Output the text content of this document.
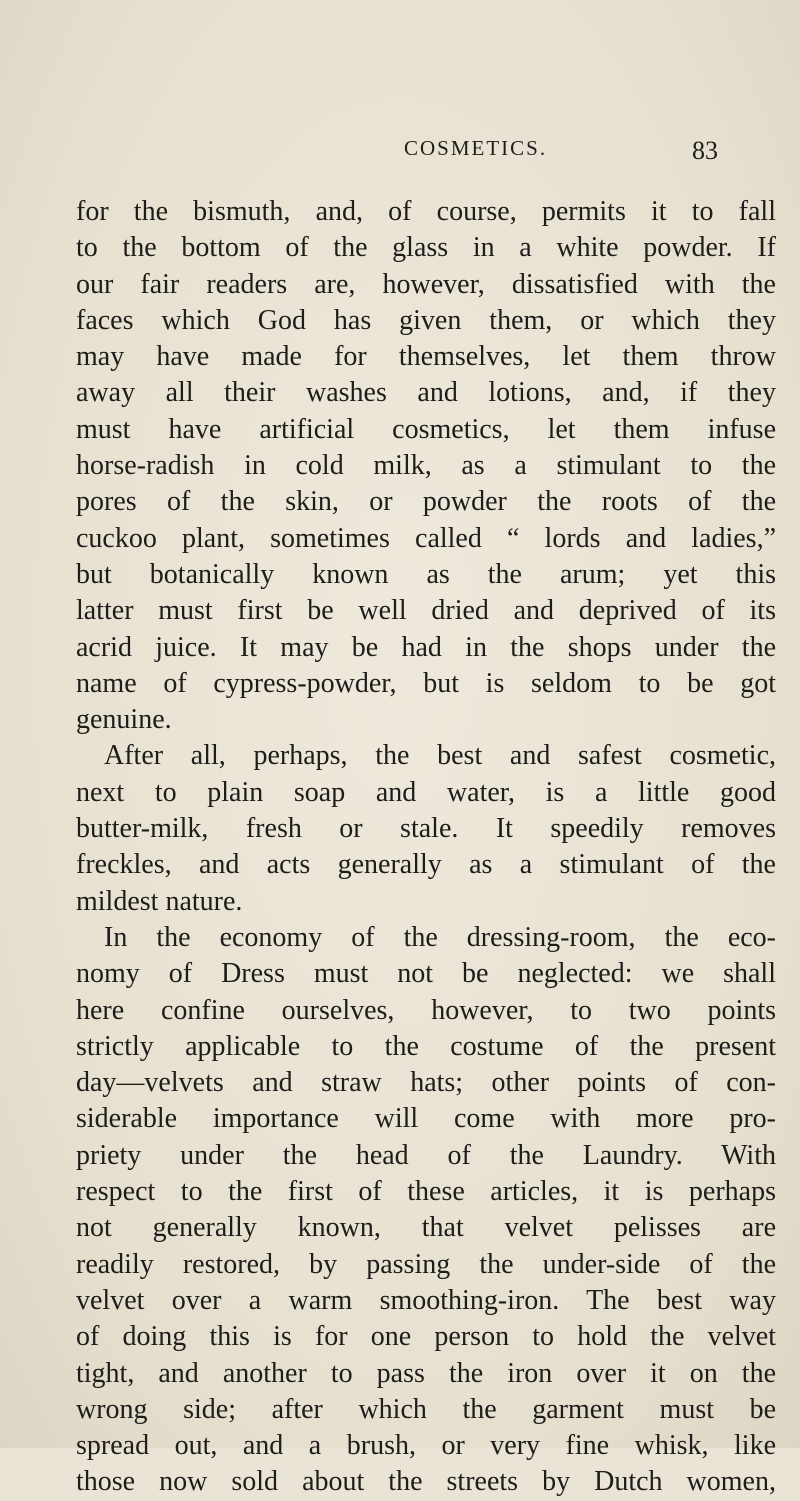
COSMETICS.	83
for the bismuth, and, of course, permits it to fall
to the bottom of the glass in a white powder. If
our fair readers are, however, dissatisfied with the
faces which God has given them, or which they
may have made for themselves, let them throw
away all their washes and lotions, and, if they
must have artificial cosmetics, let them infuse
horse-radish in cold milk, as a stimulant to the
pores of the skin, or powder the roots of the
cuckoo plant, sometimes called “ lords and ladies,”
but botanically known as the arum; yet this
latter must first be well dried and deprived of its
acrid juice. It may be had in the shops under the
name of cypress-powder, but is seldom to be got
genuine.
After all, perhaps, the best and safest cosmetic,
next to plain soap and water, is a little good
butter-milk, fresh or stale. It speedily removes
freckles, and acts generally as a stimulant of the
mildest nature.
In the economy of the dressing-room, the eco-
nomy of Dress must not be neglected: we shall
here confine ourselves, however, to two points
strictly applicable to the costume of the present
day—velvets and straw hats; other points of con-
siderable importance will come with more pro-
priety under the head of the Laundry. With
respect to the first of these articles, it is perhaps
not generally known, that velvet pelisses are
readily restored, by passing the under-side of the
velvet over a warm smoothing-iron. The best way
of doing this is for one person to hold the velvet
tight, and another to pass the iron over it on the
wrong side; after which the garment must be
spread out, and a brush, or very fine whisk, like
those now sold about the streets by Dutch women,
